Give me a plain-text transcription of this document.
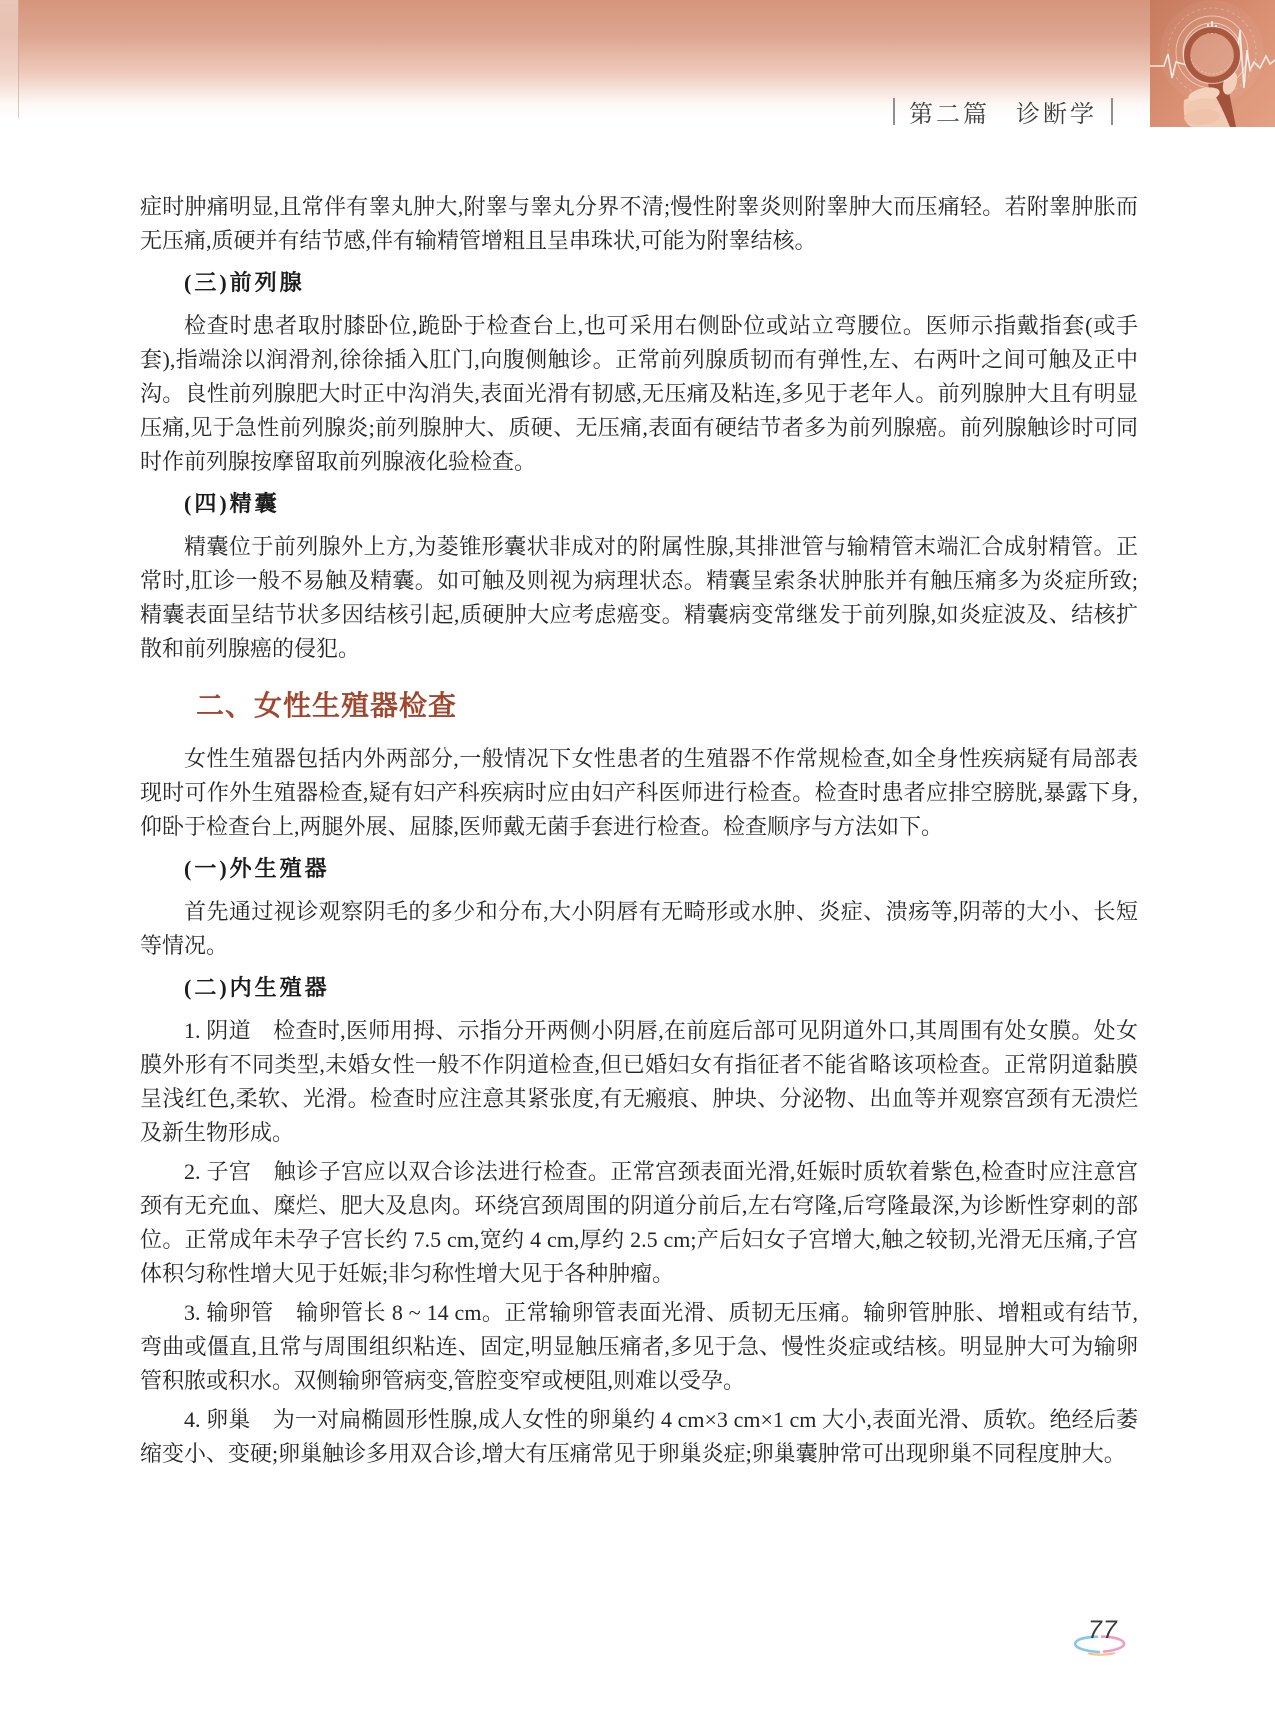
第二篇 诊断学

症时肿痛明显,且常伴有睾丸肿大,附睾与睾丸分界不清;慢性附睾炎则附睾肿大而压痛轻。若附睾肿胀而无压痛,质硬并有结节感,伴有输精管增粗且呈串珠状,可能为附睾结核。

(三)前列腺

检查时患者取肘膝卧位,跪卧于检查台上,也可采用右侧卧位或站立弯腰位。医师示指戴指套(或手套),指端涂以润滑剂,徐徐插入肛门,向腹侧触诊。正常前列腺质韧而有弹性,左、右两叶之间可触及正中沟。良性前列腺肥大时正中沟消失,表面光滑有韧感,无压痛及粘连,多见于老年人。前列腺肿大且有明显压痛,见于急性前列腺炎;前列腺肿大、质硬、无压痛,表面有硬结节者多为前列腺癌。前列腺触诊时可同时作前列腺按摩留取前列腺液化验检查。

(四)精囊

精囊位于前列腺外上方,为菱锥形囊状非成对的附属性腺,其排泄管与输精管末端汇合成射精管。正常时,肛诊一般不易触及精囊。如可触及则视为病理状态。精囊呈索条状肿胀并有触压痛多为炎症所致;精囊表面呈结节状多因结核引起,质硬肿大应考虑癌变。精囊病变常继发于前列腺,如炎症波及、结核扩散和前列腺癌的侵犯。

二、女性生殖器检查

女性生殖器包括内外两部分,一般情况下女性患者的生殖器不作常规检查,如全身性疾病疑有局部表现时可作外生殖器检查,疑有妇产科疾病时应由妇产科医师进行检查。检查时患者应排空膀胱,暴露下身,仰卧于检查台上,两腿外展、屈膝,医师戴无菌手套进行检查。检查顺序与方法如下。

(一)外生殖器

首先通过视诊观察阴毛的多少和分布,大小阴唇有无畸形或水肿、炎症、溃疡等,阴蒂的大小、长短等情况。

(二)内生殖器

1. 阴道　检查时,医师用拇、示指分开两侧小阴唇,在前庭后部可见阴道外口,其周围有处女膜。处女膜外形有不同类型,未婚女性一般不作阴道检查,但已婚妇女有指征者不能省略该项检查。正常阴道黏膜呈浅红色,柔软、光滑。检查时应注意其紧张度,有无瘢痕、肿块、分泌物、出血等并观察宫颈有无溃烂及新生物形成。

2. 子宫　触诊子宫应以双合诊法进行检查。正常宫颈表面光滑,妊娠时质软着紫色,检查时应注意宫颈有无充血、糜烂、肥大及息肉。环绕宫颈周围的阴道分前后,左右穹隆,后穹隆最深,为诊断性穿刺的部位。正常成年未孕子宫长约 7.5 cm,宽约 4 cm,厚约 2.5 cm;产后妇女子宫增大,触之较韧,光滑无压痛,子宫体积匀称性增大见于妊娠;非匀称性增大见于各种肿瘤。

3. 输卵管　输卵管长 8 ~ 14 cm。正常输卵管表面光滑、质韧无压痛。输卵管肿胀、增粗或有结节,弯曲或僵直,且常与周围组织粘连、固定,明显触压痛者,多见于急、慢性炎症或结核。明显肿大可为输卵管积脓或积水。双侧输卵管病变,管腔变窄或梗阻,则难以受孕。

4. 卵巢　为一对扁椭圆形性腺,成人女性的卵巢约 4 cm×3 cm×1 cm 大小,表面光滑、质软。绝经后萎缩变小、变硬;卵巢触诊多用双合诊,增大有压痛常见于卵巢炎症;卵巢囊肿常可出现卵巢不同程度肿大。

77
